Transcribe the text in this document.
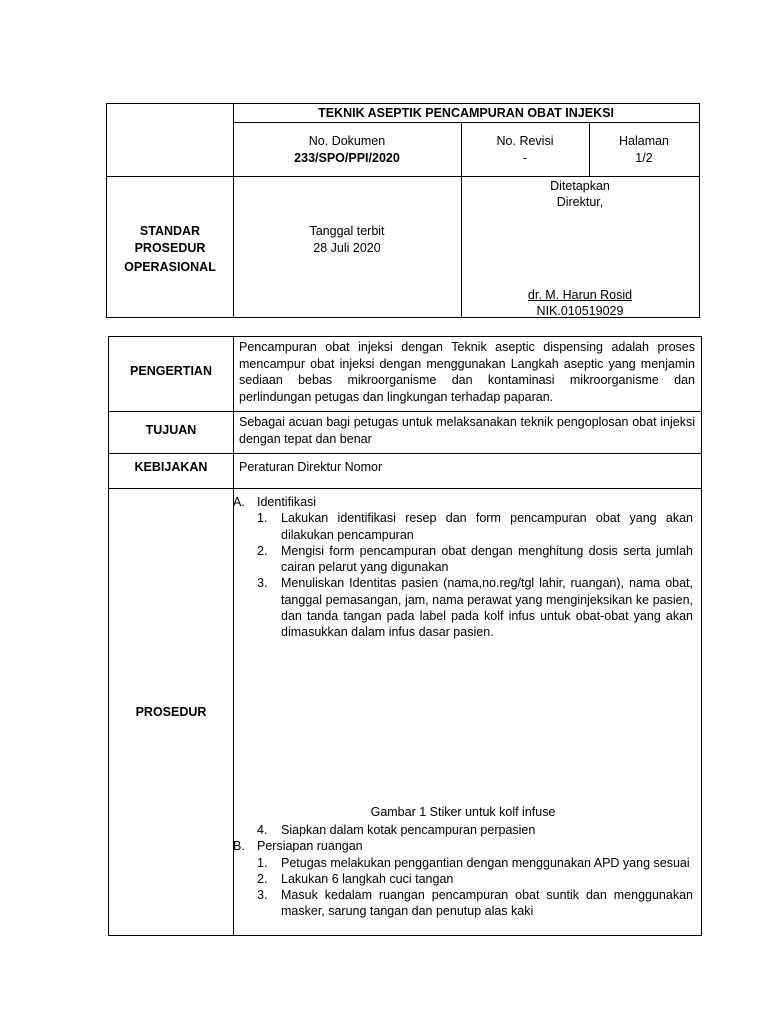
TEKNIK ASEPTIK PENCAMPURAN OBAT INJEKSI
No. Dokumen
233/SPO/PPI/2020
No. Revisi
-
Halaman
1/2
STANDAR
PROSEDUR
OPERASIONAL
Tanggal terbit
28 Juli 2020
Ditetapkan
Direktur,
dr. M. Harun Rosid
NIK.010519029
PENGERTIAN
Pencampuran obat injeksi dengan Teknik aseptic dispensing adalah proses mencampur obat injeksi dengan menggunakan Langkah aseptic yang menjamin sediaan bebas mikroorganisme dan kontaminasi mikroorganisme dan perlindungan petugas dan lingkungan terhadap paparan.
TUJUAN
Sebagai acuan bagi petugas untuk melaksanakan teknik pengoplosan obat injeksi dengan tepat dan benar
KEBIJAKAN	Peraturan Direktur Nomor
PROSEDUR
A. Identifikasi
1. Lakukan identifikasi resep dan form pencampuran obat yang akan dilakukan pencampuran
2. Mengisi form pencampuran obat dengan menghitung dosis serta jumlah cairan pelarut yang digunakan
3. Menuliskan Identitas pasien (nama,no.reg/tgl lahir, ruangan), nama obat, tanggal pemasangan, jam, nama perawat yang menginjeksikan ke pasien, dan tanda tangan pada label pada kolf infus untuk obat-obat yang akan dimasukkan dalam infus dasar pasien.
Gambar 1 Stiker untuk kolf infuse
4. Siapkan dalam kotak pencampuran perpasien
B. Persiapan ruangan
1. Petugas melakukan penggantian dengan menggunakan APD yang sesuai
2. Lakukan 6 langkah cuci tangan
3. Masuk kedalam ruangan pencampuran obat suntik dan menggunakan masker, sarung tangan dan penutup alas kaki
